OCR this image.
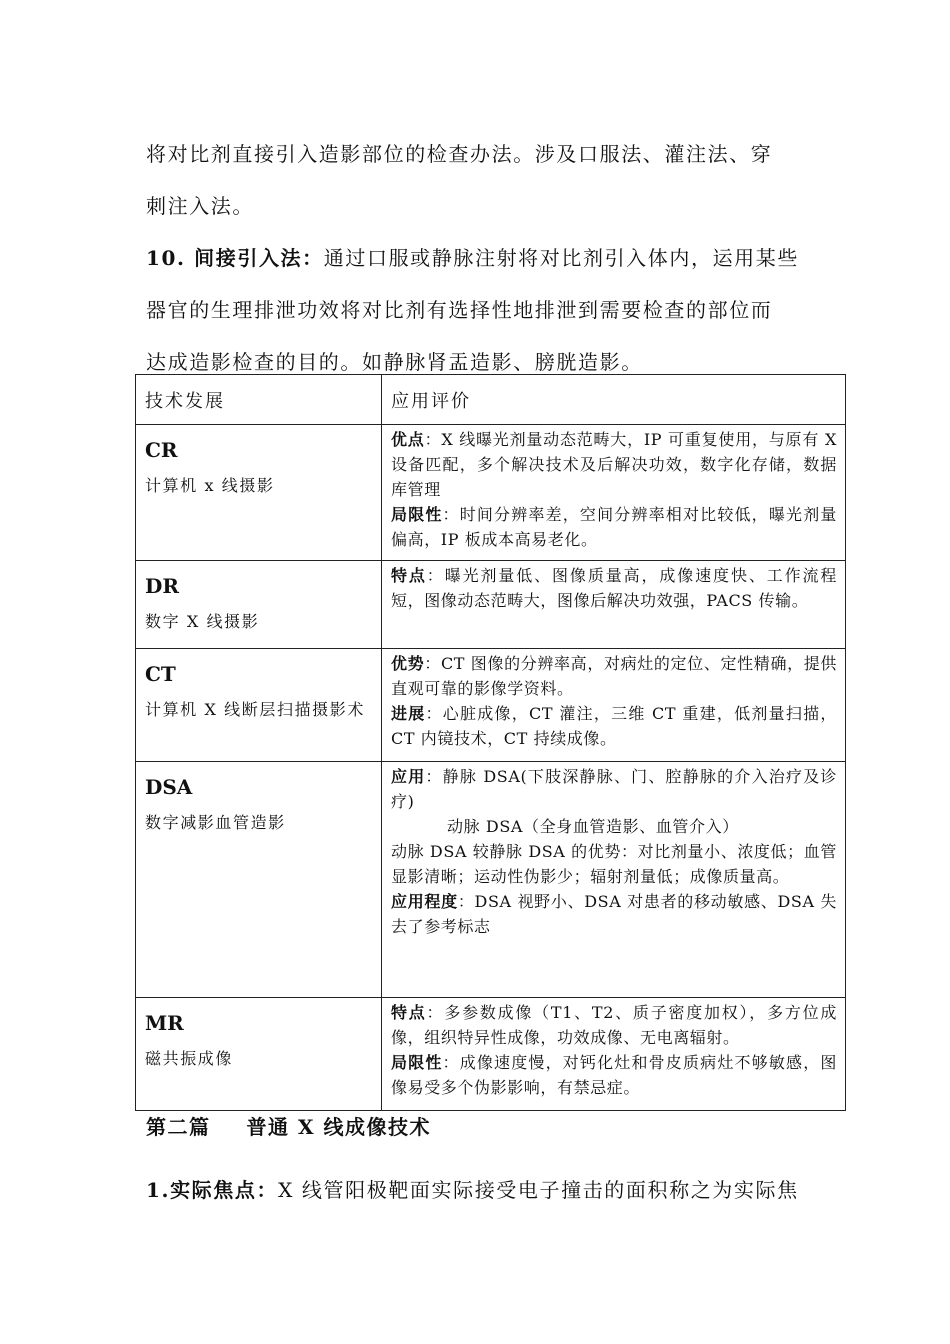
将对比剂直接引入造影部位的检查办法。涉及口服法、灌注法、穿
刺注入法。
10. 间接引入法：通过口服或静脉注射将对比剂引入体内，运用某些
器官的生理排泄功效将对比剂有选择性地排泄到需要检查的部位而
达成造影检查的目的。如静脉肾盂造影、膀胱造影。
技术发展	应用评价

CR
计算机 x 线摄影	优点：X 线曝光剂量动态范畴大，IP 可重复使用，与原有 X 设备匹配，多个解决技术及后解决功效，数字化存储，数据库管理
局限性：时间分辨率差，空间分辨率相对比较低，曝光剂量偏高，IP 板成本高易老化。

DR
数字 X 线摄影	特点：曝光剂量低、图像质量高，成像速度快、工作流程短，图像动态范畴大，图像后解决功效强，PACS 传输。

CT
计算机 X 线断层扫描摄影术	优势：CT 图像的分辨率高，对病灶的定位、定性精确，提供直观可靠的影像学资料。
进展：心脏成像，CT 灌注，三维 CT 重建，低剂量扫描，CT 内镜技术，CT 持续成像。

DSA
数字减影血管造影	应用：静脉 DSA(下肢深静脉、门、腔静脉的介入治疗及诊疗)
动脉 DSA（全身血管造影、血管介入）
动脉 DSA 较静脉 DSA 的优势：对比剂量小、浓度低；血管显影清晰；运动性伪影少；辐射剂量低；成像质量高。
应用程度：DSA 视野小、DSA 对患者的移动敏感、DSA 失去了参考标志

MR
磁共振成像	特点：多参数成像（T1、T2、质子密度加权），多方位成像，组织特异性成像，功效成像、无电离辐射。
局限性：成像速度慢，对钙化灶和骨皮质病灶不够敏感，图像易受多个伪影影响，有禁忌症。
第二篇 普通 X 线成像技术
1.实际焦点：X 线管阳极靶面实际接受电子撞击的面积称之为实际焦
